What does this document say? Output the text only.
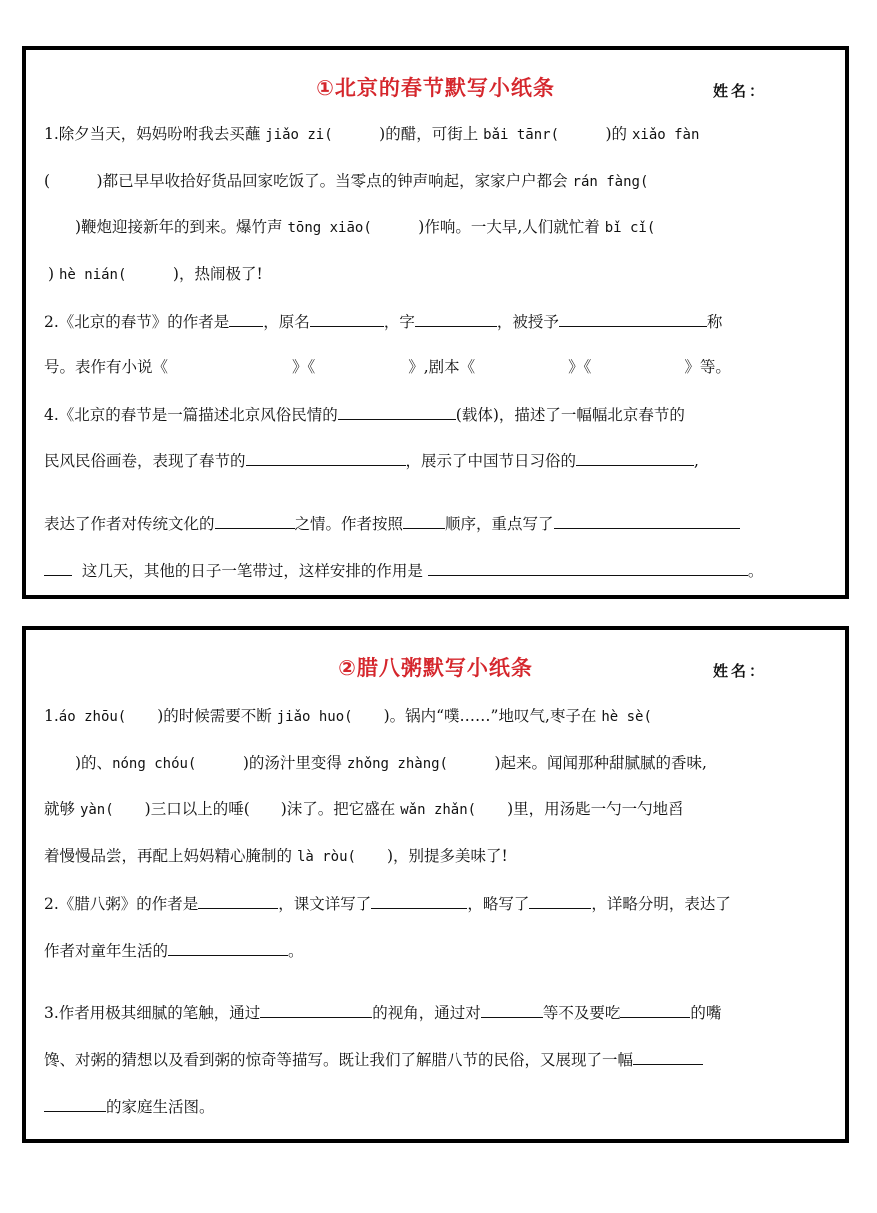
①北京的春节默写小纸条	姓名：
1.除夕当天，妈妈吩咐我去买蘸 jiǎo zi(　　　)的醋，可街上 bǎi tānr(　　　)的 xiǎo fàn
(　　　)都已早早收拾好货品回家吃饭了。当零点的钟声响起，家家户户都会 rán fàng(
　　)鞭炮迎接新年的到来。爆竹声 tōng xiāo(　　　)作响。一大早,人们就忙着 bǐ cǐ(
) hè nián(　　　)，热闹极了!
2.《北京的春节》的作者是 ，原名	，字	，被授予	称
号。表作有小说《　　　　　　　　》《　　　　　　》,剧本《　　　　　　》《　　　　　　》等。
4.《北京的春节是一篇描述北京风俗民情的	(载体)，描述了一幅幅北京春节的
民风民俗画卷，表现了春节的	，展示了中国节日习俗的	,
表达了作者对传统文化的	之情。作者按照	顺序，重点写了
这几天，其他的日子一笔带过，这样安排的作用是	。
②腊八粥默写小纸条	姓名：
1.áo zhōu(　　)的时候需要不断 jiǎo huo(　　)。锅内“噗……”地叹气,枣子在 hè sè(
　　)的、nóng chóu(　　　)的汤汁里变得 zhǒng zhàng(　　　)起来。闻闻那种甜腻腻的香味,
就够 yàn(　　)三口以上的唾(　　)沫了。把它盛在 wǎn zhǎn(　　)里，用汤匙一勺一勺地舀
着慢慢品尝，再配上妈妈精心腌制的 là ròu(　　)，别提多美味了!
2.《腊八粥》的作者是	，课文详写了	，略写了	，详略分明，表达了
作者对童年生活的	。
3.作者用极其细腻的笔触，通过	的视角，通过对	等不及要吃	的嘴
馋、对粥的猜想以及看到粥的惊奇等描写。既让我们了解腊八节的民俗，又展现了一幅
的家庭生活图。
